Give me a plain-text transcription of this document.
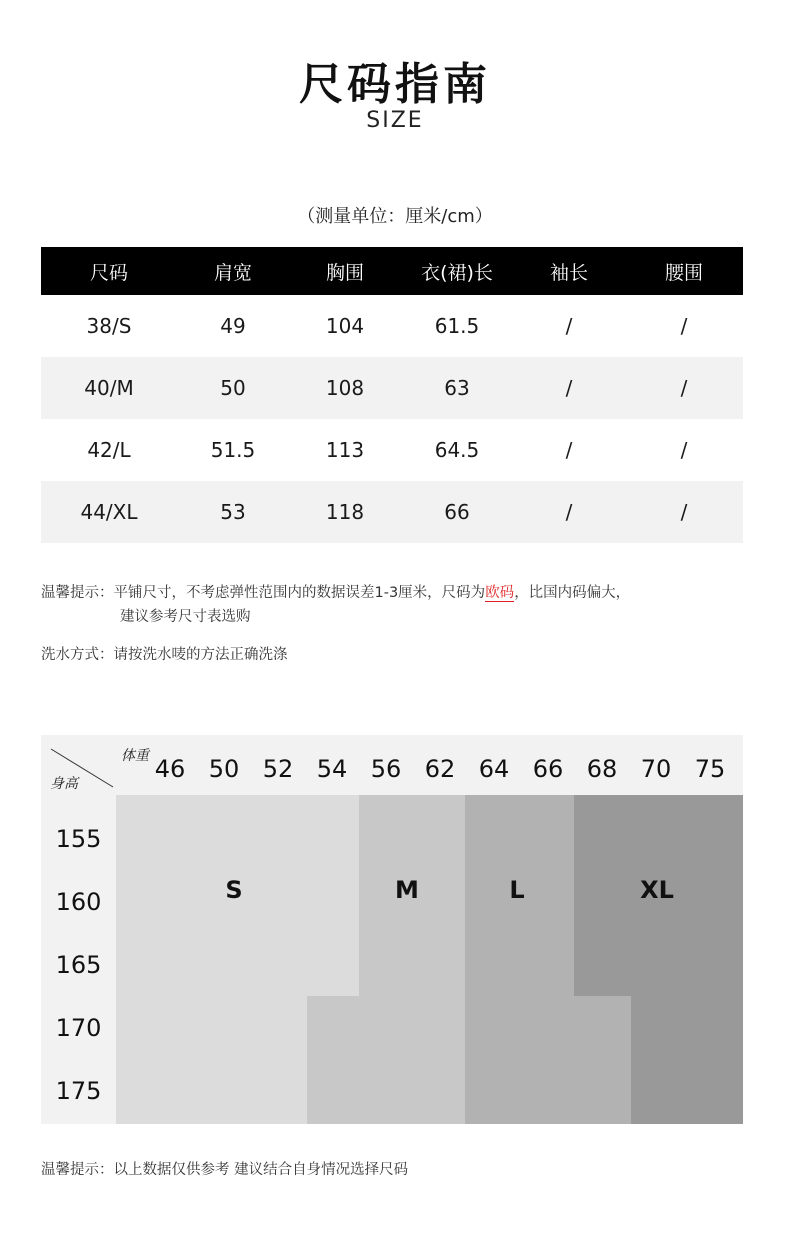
尺码指南
SIZE
（测量单位：厘米/cm）
尺码	肩宽	胸围	衣(裙)长	袖长	腰围
38/S	49	104	61.5	/	/
40/M	50	108	63	/	/
42/L	51.5	113	64.5	/	/
44/XL	53	118	66	/	/
温馨提示：平铺尺寸，不考虑弹性范围内的数据误差1-3厘米，尺码为欧码，比国内码偏大，
建议参考尺寸表选购
洗水方式：请按洗水唛的方法正确洗涤
体重
身高
46 50 52 54 56 62 64 66 68 70 75
155
160
165
170
175
S	M	L	XL
温馨提示：以上数据仅供参考 建议结合自身情况选择尺码
